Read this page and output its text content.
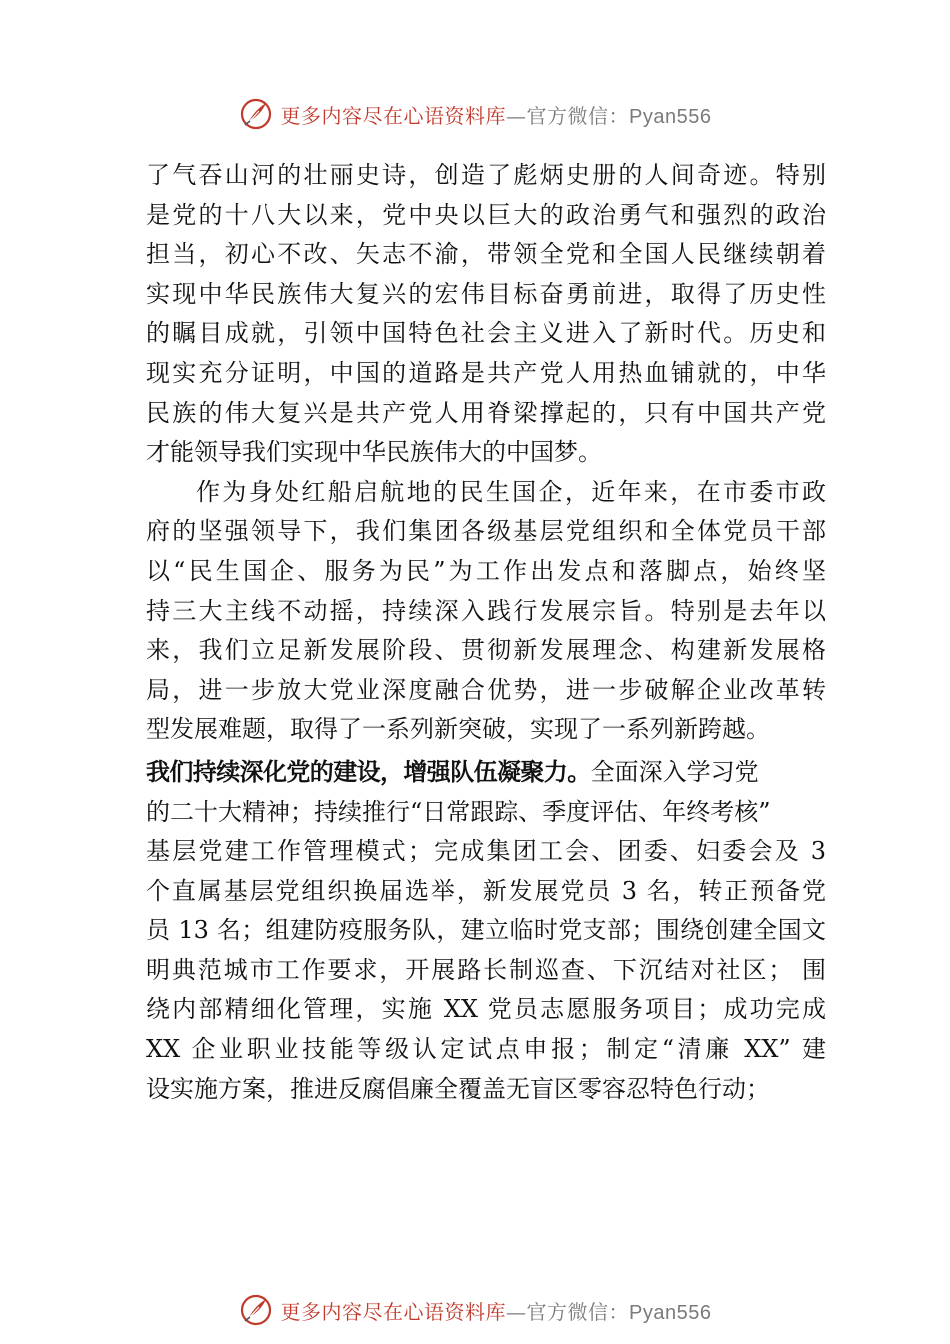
更多内容尽在心语资料库—官方微信：Pyan556
了气吞山河的壮丽史诗，创造了彪炳史册的人间奇迹。特别
是党的十八大以来，党中央以巨大的政治勇气和强烈的政治
担当，初心不改、矢志不渝，带领全党和全国人民继续朝着
实现中华民族伟大复兴的宏伟目标奋勇前进，取得了历史性
的瞩目成就，引领中国特色社会主义进入了新时代。历史和
现实充分证明，中国的道路是共产党人用热血铺就的，中华
民族的伟大复兴是共产党人用脊梁撑起的，只有中国共产党
才能领导我们实现中华民族伟大的中国梦。
作为身处红船启航地的民生国企，近年来，在市委市政
府的坚强领导下，我们集团各级基层党组织和全体党员干部
以“民生国企、服务为民”为工作出发点和落脚点，始终坚
持三大主线不动摇，持续深入践行发展宗旨。特别是去年以
来，我们立足新发展阶段、贯彻新发展理念、构建新发展格
局，进一步放大党业深度融合优势，进一步破解企业改革转
型发展难题，取得了一系列新突破，实现了一系列新跨越。
我们持续深化党的建设，增强队伍凝聚力。全面深入学习党
的二十大精神；持续推行“日常跟踪、季度评估、年终考核”
基层党建工作管理模式；完成集团工会、团委、妇委会及 3
个直属基层党组织换届选举，新发展党员 3 名，转正预备党
员 13 名；组建防疫服务队，建立临时党支部；围绕创建全国文
明典范城市工作要求，开展路长制巡查、下沉结对社区； 围
绕内部精细化管理，实施 XX 党员志愿服务项目；成功完成
XX 企业职业技能等级认定试点申报；制定“清廉 XX” 建
设实施方案，推进反腐倡廉全覆盖无盲区零容忍特色行动；
更多内容尽在心语资料库—官方微信：Pyan556
